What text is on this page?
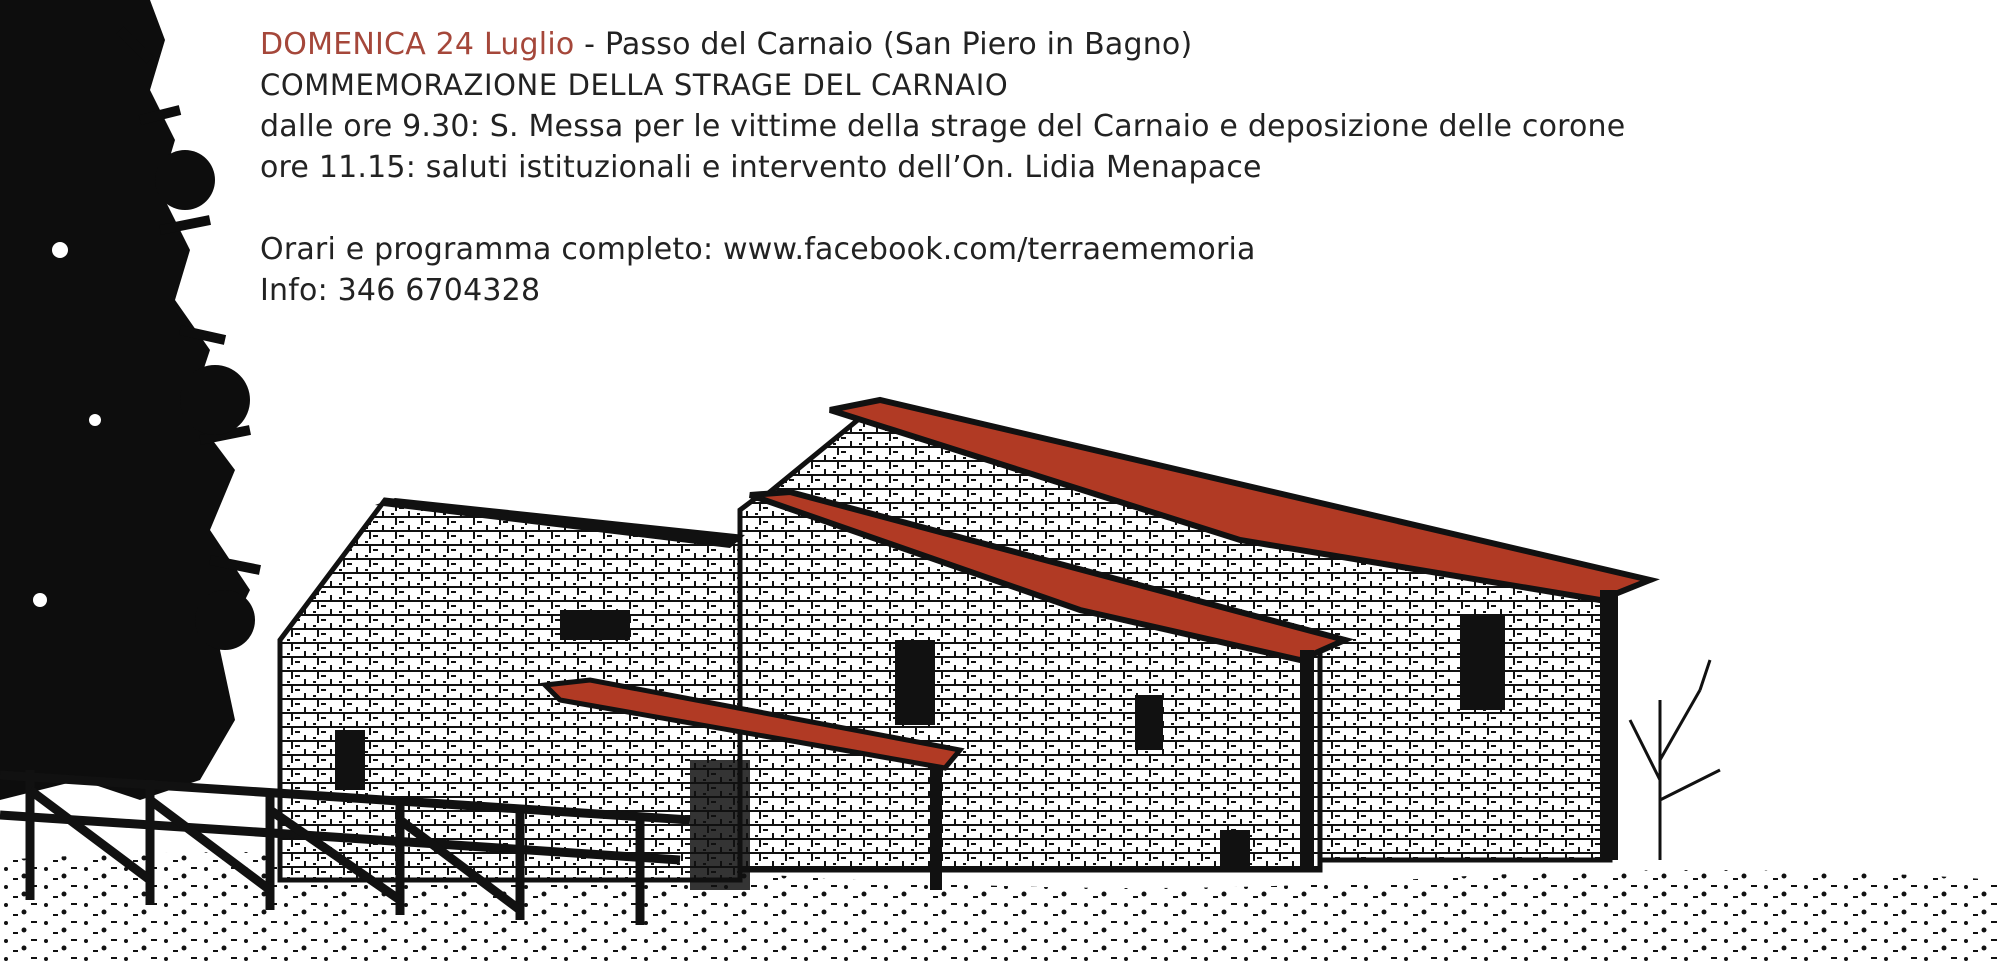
DOMENICA 24 Luglio - Passo del Carnaio (San Piero in Bagno)
COMMEMORAZIONE DELLA STRAGE DEL CARNAIO
dalle ore 9.30: S. Messa per le vittime della strage del Carnaio e deposizione delle corone
ore 11.15: saluti istituzionali e intervento dell’On. Lidia Menapace
Orari e programma completo: www.facebook.com/terraememoria
Info: 346 6704328
